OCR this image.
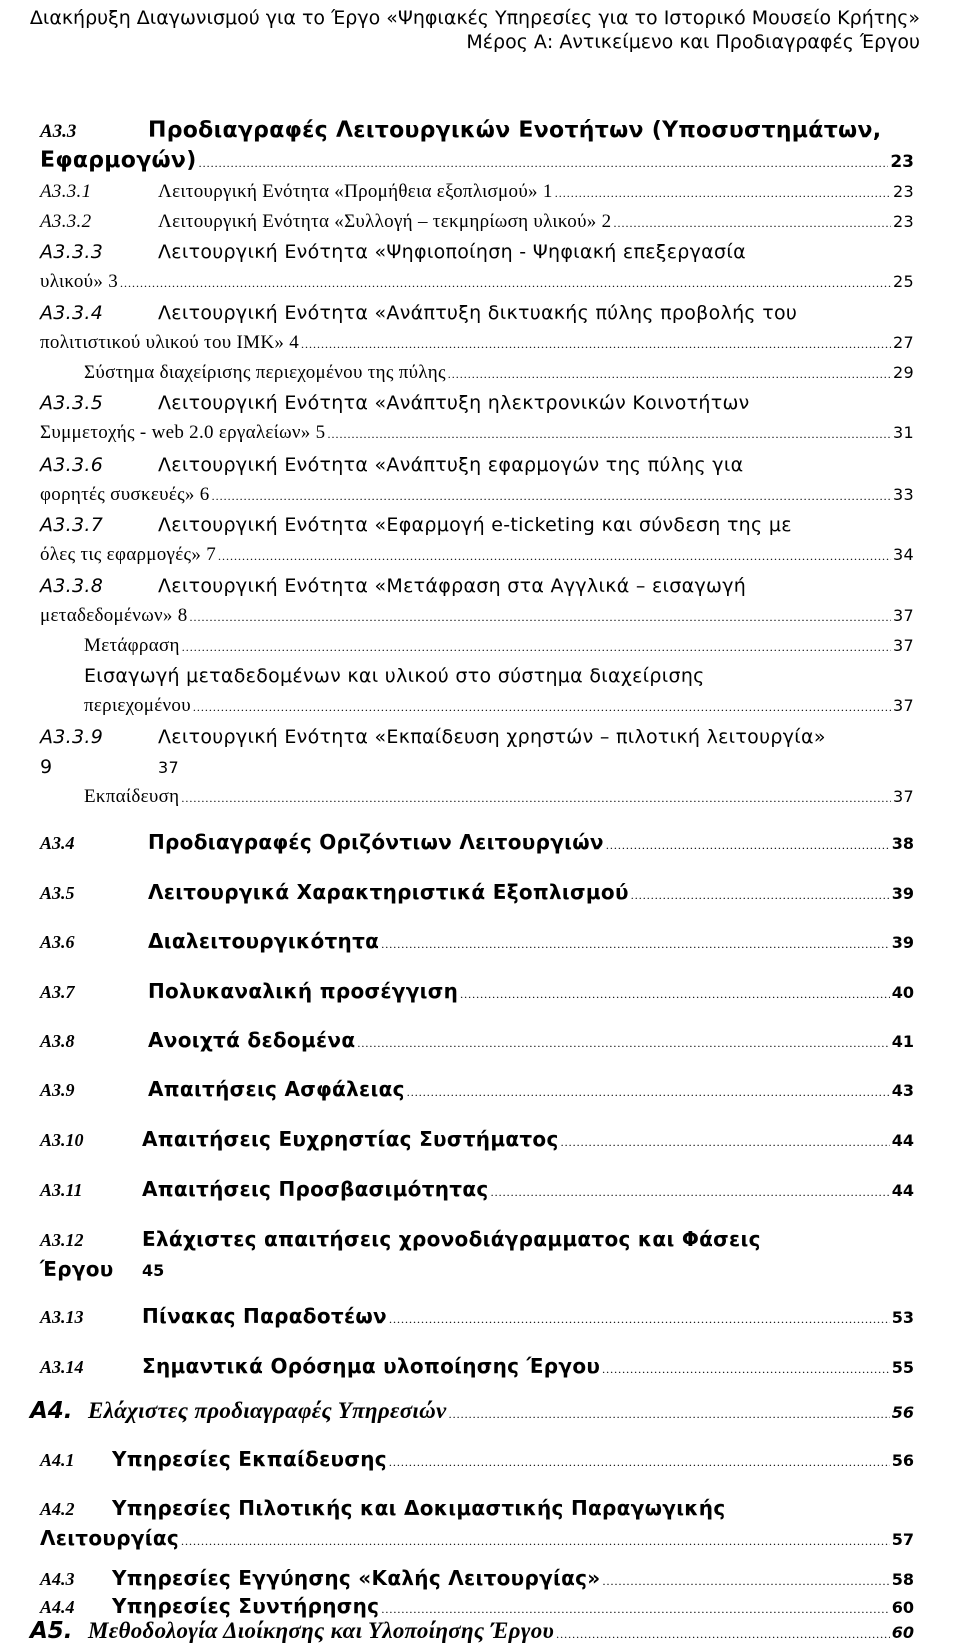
Διακήρυξη Διαγωνισμού για το Έργο «Ψηφιακές Υπηρεσίες για το Ιστορικό Μουσείο Κρήτης»
Μέρος Α: Αντικείμενο και Προδιαγραφές Έργου
Α3.3	Προδιαγραφές Λειτουργικών Ενοτήτων (Υποσυστημάτων,
Εφαρμογών) .....	23
Α3.3.1	Λειτουργική Ενότητα «Προμήθεια εξοπλισμού» 1 .....	23
Α3.3.2	Λειτουργική Ενότητα «Συλλογή – τεκμηρίωση υλικού» 2 .....	23
Α3.3.3	Λειτουργική Ενότητα «Ψηφιοποίηση - Ψηφιακή επεξεργασία
υλικού» 3 .....	25
Α3.3.4	Λειτουργική Ενότητα «Ανάπτυξη δικτυακής πύλης προβολής του
πολιτιστικού υλικού του ΙΜΚ» 4 .....	27
Σύστημα διαχείρισης περιεχομένου της πύλης .....	29
Α3.3.5	Λειτουργική Ενότητα «Ανάπτυξη ηλεκτρονικών Κοινοτήτων
Συμμετοχής - web 2.0 εργαλείων» 5 .....	31
Α3.3.6	Λειτουργική Ενότητα «Ανάπτυξη εφαρμογών της πύλης για
φορητές συσκευές» 6 .....	33
Α3.3.7	Λειτουργική Ενότητα «Εφαρμογή e-ticketing και σύνδεση της με
όλες τις εφαρμογές» 7 .....	34
Α3.3.8	Λειτουργική Ενότητα «Μετάφραση στα Αγγλικά – εισαγωγή
μεταδεδομένων» 8 .....	37
Μετάφραση .....	37
Εισαγωγή μεταδεδομένων και υλικού στο σύστημα διαχείρισης
περιεχομένου .....	37
Α3.3.9	Λειτουργική Ενότητα «Εκπαίδευση χρηστών – πιλοτική λειτουργία»
9	37
Εκπαίδευση .....	37
Α3.4	Προδιαγραφές Οριζόντιων Λειτουργιών .....	38
Α3.5	Λειτουργικά Χαρακτηριστικά Εξοπλισμού .....	39
Α3.6	Διαλειτουργικότητα .....	39
Α3.7	Πολυκαναλική προσέγγιση .....	40
Α3.8	Ανοιχτά δεδομένα .....	41
Α3.9	Απαιτήσεις Ασφάλειας .....	43
Α3.10	Απαιτήσεις Ευχρηστίας Συστήματος .....	44
Α3.11	Απαιτήσεις Προσβασιμότητας .....	44
Α3.12	Ελάχιστες απαιτήσεις χρονοδιάγραμματος και Φάσεις
Έργου 45
Α3.13	Πίνακας Παραδοτέων .....	53
Α3.14	Σημαντικά Ορόσημα υλοποίησης Έργου .....	55
Α4. Ελάχιστες προδιαγραφές Υπηρεσιών .....	56
Α4.1	Υπηρεσίες Εκπαίδευσης .....	56
Α4.2 Υπηρεσίες Πιλοτικής και Δοκιμαστικής Παραγωγικής
Λειτουργίας .....	57
Α4.3	Υπηρεσίες Εγγύησης «Καλής Λειτουργίας» .....	58
Α4.4	Υπηρεσίες Συντήρησης .....	60
Α5. Μεθοδολογία Διοίκησης και Υλοποίησης Έργου .....	60
